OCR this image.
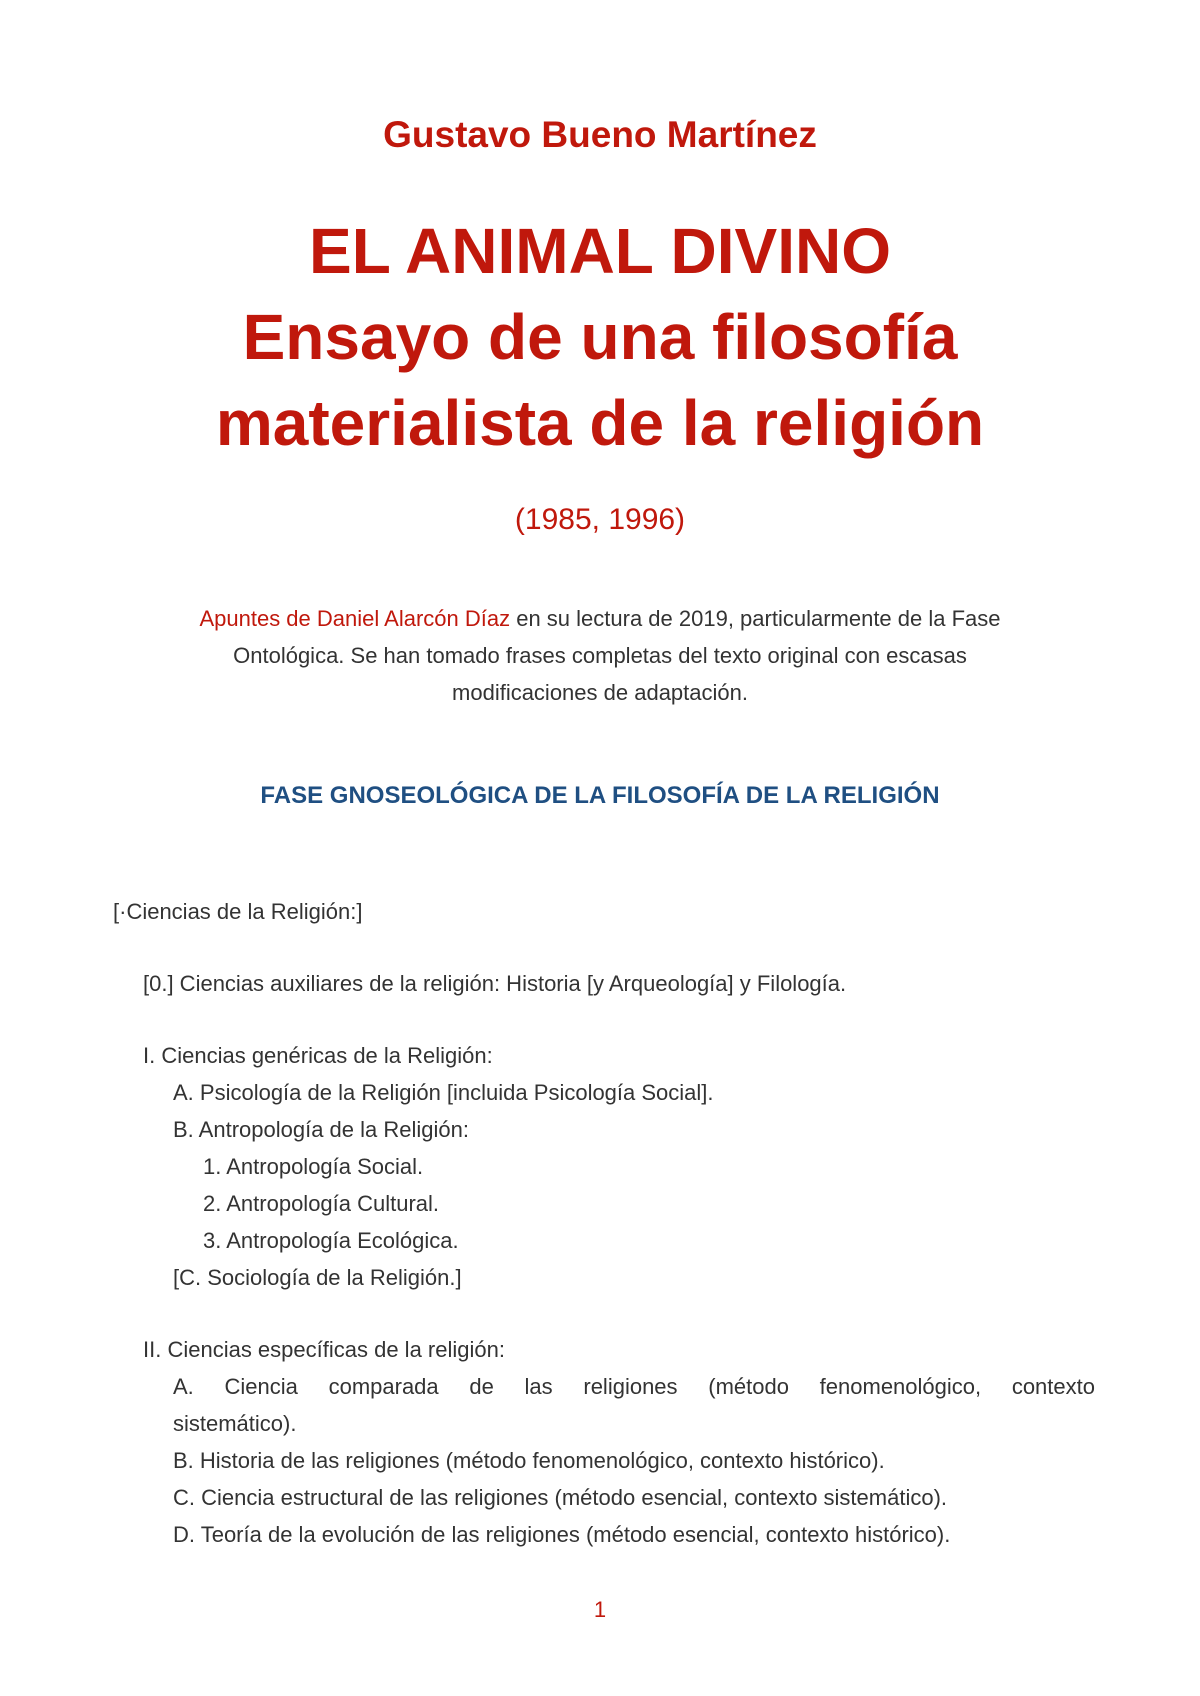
Gustavo Bueno Martínez
EL ANIMAL DIVINO
Ensayo de una filosofía
materialista de la religión
(1985, 1996)
Apuntes de Daniel Alarcón Díaz en su lectura de 2019, particularmente de la Fase
Ontológica. Se han tomado frases completas del texto original con escasas
modificaciones de adaptación.
FASE GNOSEOLÓGICA DE LA FILOSOFÍA DE LA RELIGIÓN
[·Ciencias de la Religión:]
[0.] Ciencias auxiliares de la religión: Historia [y Arqueología] y Filología.
I. Ciencias genéricas de la Religión:
A. Psicología de la Religión [incluida Psicología Social].
B. Antropología de la Religión:
1. Antropología Social.
2. Antropología Cultural.
3. Antropología Ecológica.
[C. Sociología de la Religión.]
II. Ciencias específicas de la religión:
A. Ciencia comparada de las religiones (método fenomenológico, contexto
sistemático).
B. Historia de las religiones (método fenomenológico, contexto histórico).
C. Ciencia estructural de las religiones (método esencial, contexto sistemático).
D. Teoría de la evolución de las religiones (método esencial, contexto histórico).
1
